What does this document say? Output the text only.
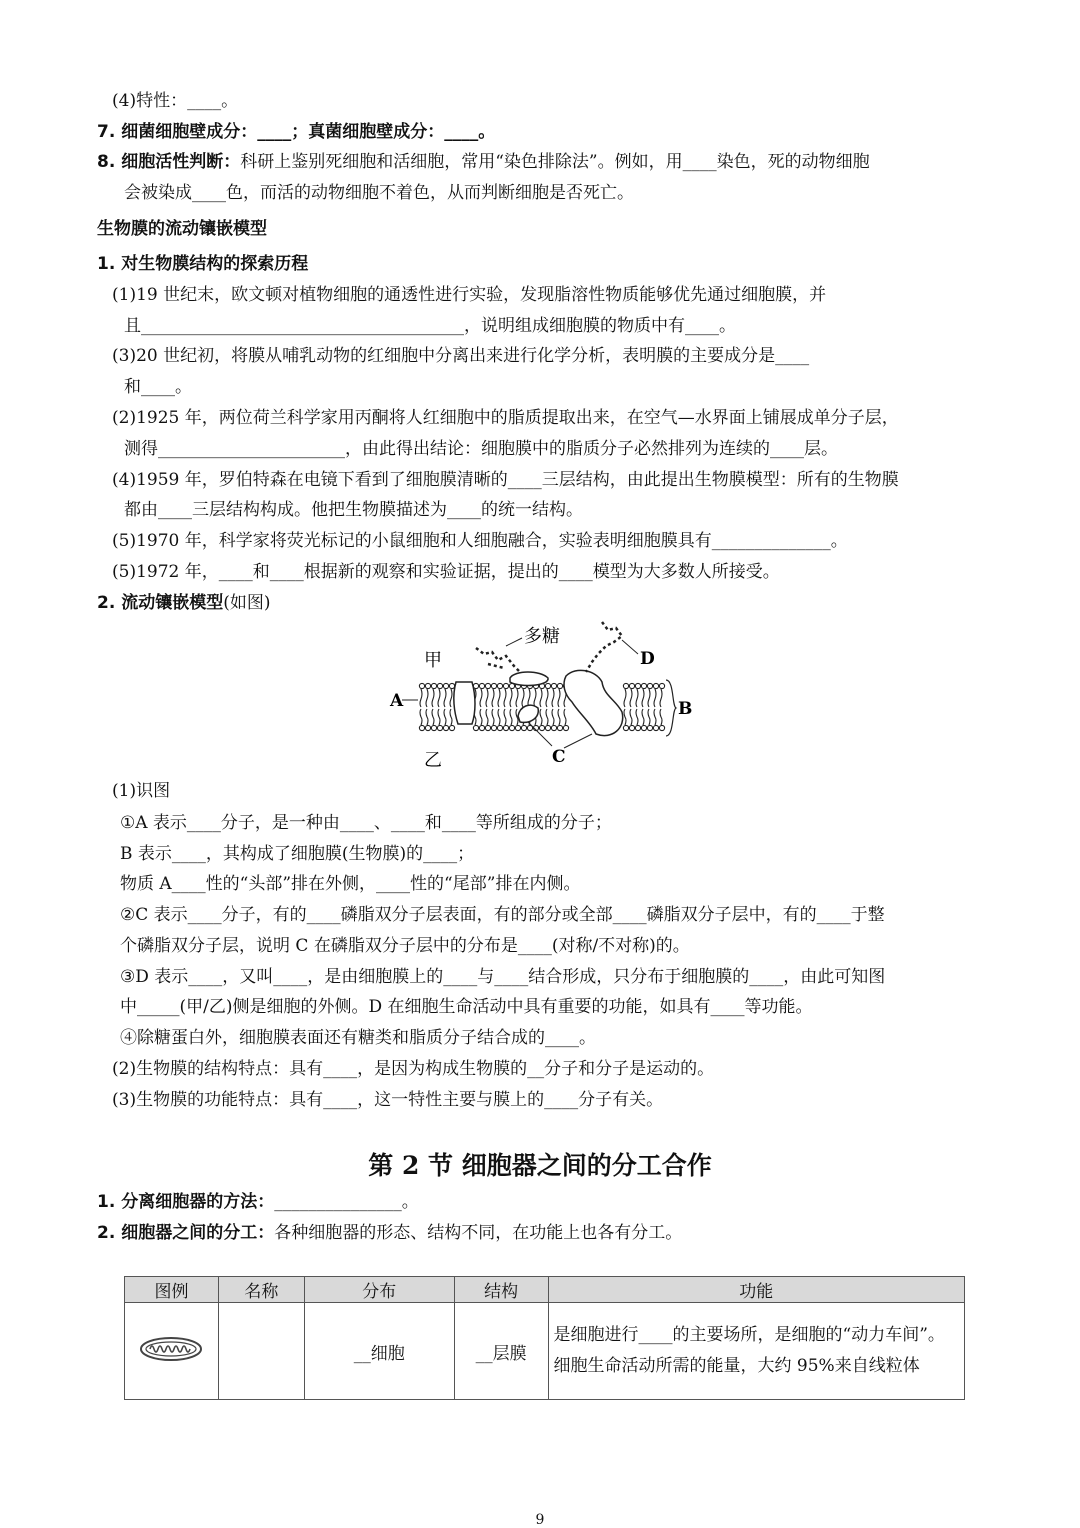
(4)特性：____。
7. 细菌细胞壁成分：____；真菌细胞壁成分：____。
8. 细胞活性判断：科研上鉴别死细胞和活细胞，常用“染色排除法”。例如，用____染色，死的动物细胞
会被染成____色，而活的动物细胞不着色，从而判断细胞是否死亡。
生物膜的流动镶嵌模型
1. 对生物膜结构的探索历程
(1)19 世纪末，欧文顿对植物细胞的通透性进行实验，发现脂溶性物质能够优先通过细胞膜，并
且______________________________________，说明组成细胞膜的物质中有____。
(3)20 世纪初，将膜从哺乳动物的红细胞中分离出来进行化学分析，表明膜的主要成分是____
和____。
(2)1925 年，两位荷兰科学家用丙酮将人红细胞中的脂质提取出来，在空气—水界面上铺展成单分子层，
测得______________________，由此得出结论：细胞膜中的脂质分子必然排列为连续的____层。
(4)1959 年，罗伯特森在电镜下看到了细胞膜清晰的____三层结构，由此提出生物膜模型：所有的生物膜
都由____三层结构构成。他把生物膜描述为____的统一结构。
(5)1970 年，科学家将荧光标记的小鼠细胞和人细胞融合，实验表明细胞膜具有______________。
(5)1972 年，____和____根据新的观察和实验证据，提出的____模型为大多数人所接受。
2. 流动镶嵌模型(如图)
多糖
甲
乙
A	B
C
D
(1)识图
①A 表示____分子，是一种由____、____和____等所组成的分子；
B 表示____，其构成了细胞膜(生物膜)的____；
物质 A____性的“头部”排在外侧，____性的“尾部”排在内侧。
②C 表示____分子，有的____磷脂双分子层表面，有的部分或全部____磷脂双分子层中，有的____于整
个磷脂双分子层，说明 C 在磷脂双分子层中的分布是____(对称/不对称)的。
③D 表示____，又叫____，是由细胞膜上的____与____结合形成，只分布于细胞膜的____，由此可知图
中_____(甲/乙)侧是细胞的外侧。D 在细胞生命活动中具有重要的功能，如具有____等功能。
④除糖蛋白外，细胞膜表面还有糖类和脂质分子结合成的____。
(2)生物膜的结构特点：具有____，是因为构成生物膜的__分子和分子是运动的。
(3)生物膜的功能特点：具有____，这一特性主要与膜上的____分子有关。
第 2 节 细胞器之间的分工合作
1. 分离细胞器的方法：_______________。
2. 细胞器之间的分工：各种细胞器的形态、结构不同，在功能上也各有分工。
图例	名称	分布	结构	功能
		__细胞	__层膜	是细胞进行____的主要场所，是细胞的“动力车间”。细胞生命活动所需的能量，大约 95%来自线粒体
9
